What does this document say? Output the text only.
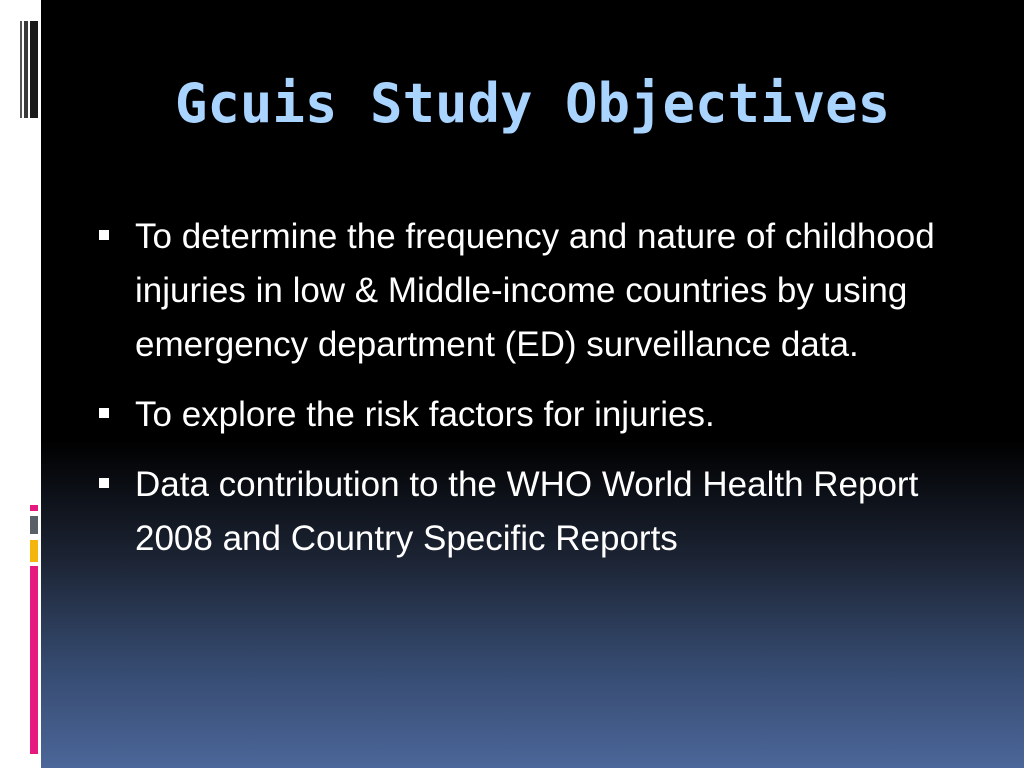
Gcuis Study Objectives
To determine the frequency and nature of childhood injuries in low & Middle-income countries by using emergency department (ED) surveillance data.
To explore the risk factors for injuries.
Data contribution to the WHO World Health Report 2008 and Country Specific Reports
